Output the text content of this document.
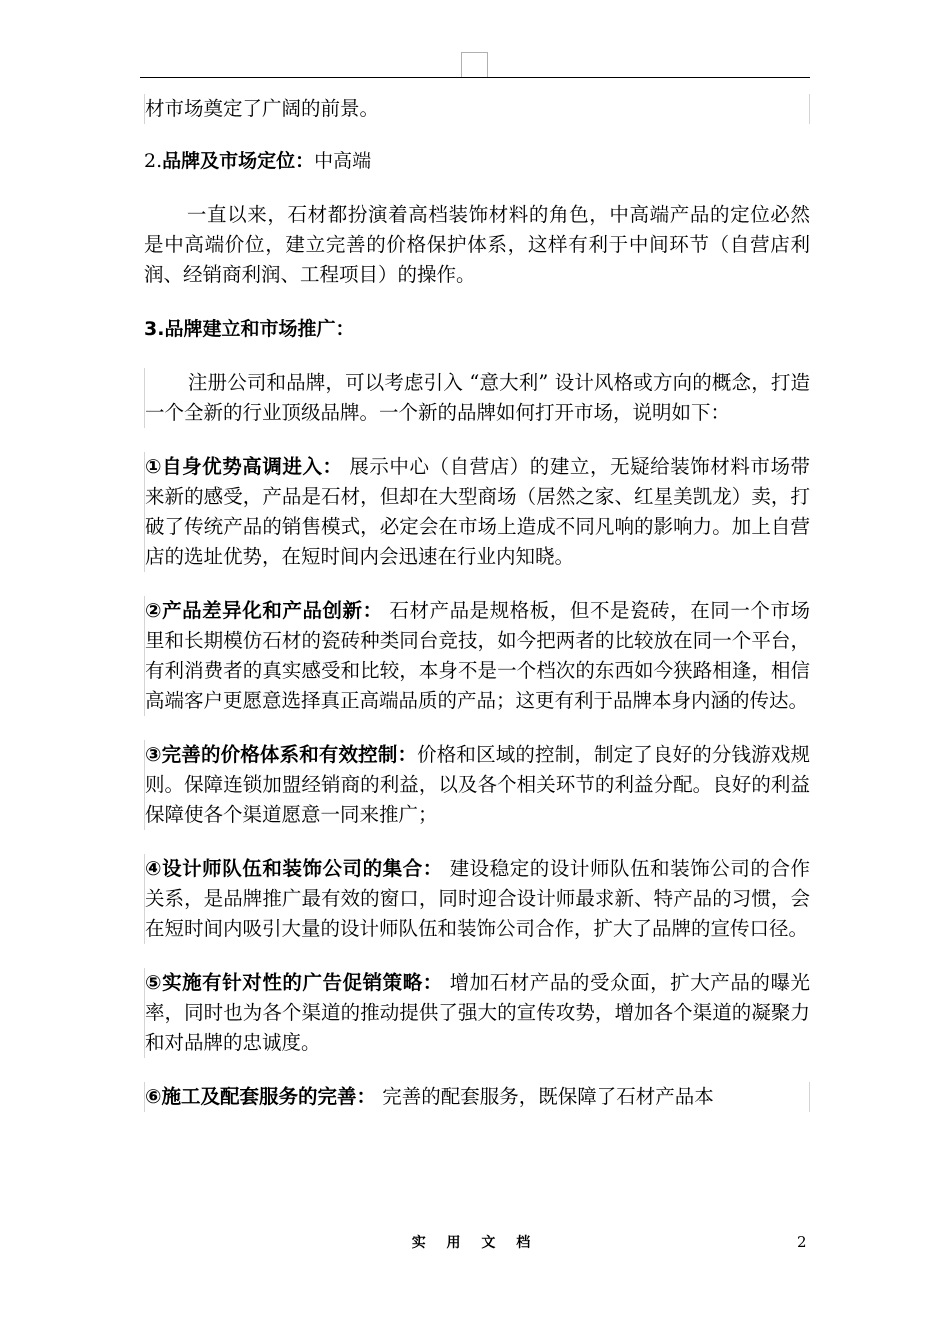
材市场奠定了广阔的前景。

2.品牌及市场定位：中高端

一直以来，石材都扮演着高档装饰材料的角色，中高端产品的定位必然是中高端价位，建立完善的价格保护体系，这样有利于中间环节（自营店利润、经销商利润、工程项目）的操作。

3.品牌建立和市场推广：

注册公司和品牌，可以考虑引入 “意大利” 设计风格或方向的概念，打造一个全新的行业顶级品牌。一个新的品牌如何打开市场，说明如下：

①自身优势高调进入： 展示中心（自营店）的建立，无疑给装饰材料市场带来新的感受，产品是石材，但却在大型商场（居然之家、红星美凯龙）卖，打破了传统产品的销售模式，必定会在市场上造成不同凡响的影响力。加上自营店的选址优势，在短时间内会迅速在行业内知晓。

②产品差异化和产品创新： 石材产品是规格板，但不是瓷砖，在同一个市场里和长期模仿石材的瓷砖种类同台竞技，如今把两者的比较放在同一个平台，有利消费者的真实感受和比较，本身不是一个档次的东西如今狭路相逢，相信高端客户更愿意选择真正高端品质的产品；这更有利于品牌本身内涵的传达。

③完善的价格体系和有效控制：价格和区域的控制，制定了良好的分钱游戏规则。保障连锁加盟经销商的利益，以及各个相关环节的利益分配。良好的利益保障使各个渠道愿意一同来推广；

④设计师队伍和装饰公司的集合： 建设稳定的设计师队伍和装饰公司的合作关系，是品牌推广最有效的窗口，同时迎合设计师最求新、特产品的习惯，会在短时间内吸引大量的设计师队伍和装饰公司合作，扩大了品牌的宣传口径。

⑤实施有针对性的广告促销策略： 增加石材产品的受众面，扩大产品的曝光率，同时也为各个渠道的推动提供了强大的宣传攻势，增加各个渠道的凝聚力和对品牌的忠诚度。

⑥施工及配套服务的完善： 完善的配套服务，既保障了石材产品本

实 用 文 档	2
